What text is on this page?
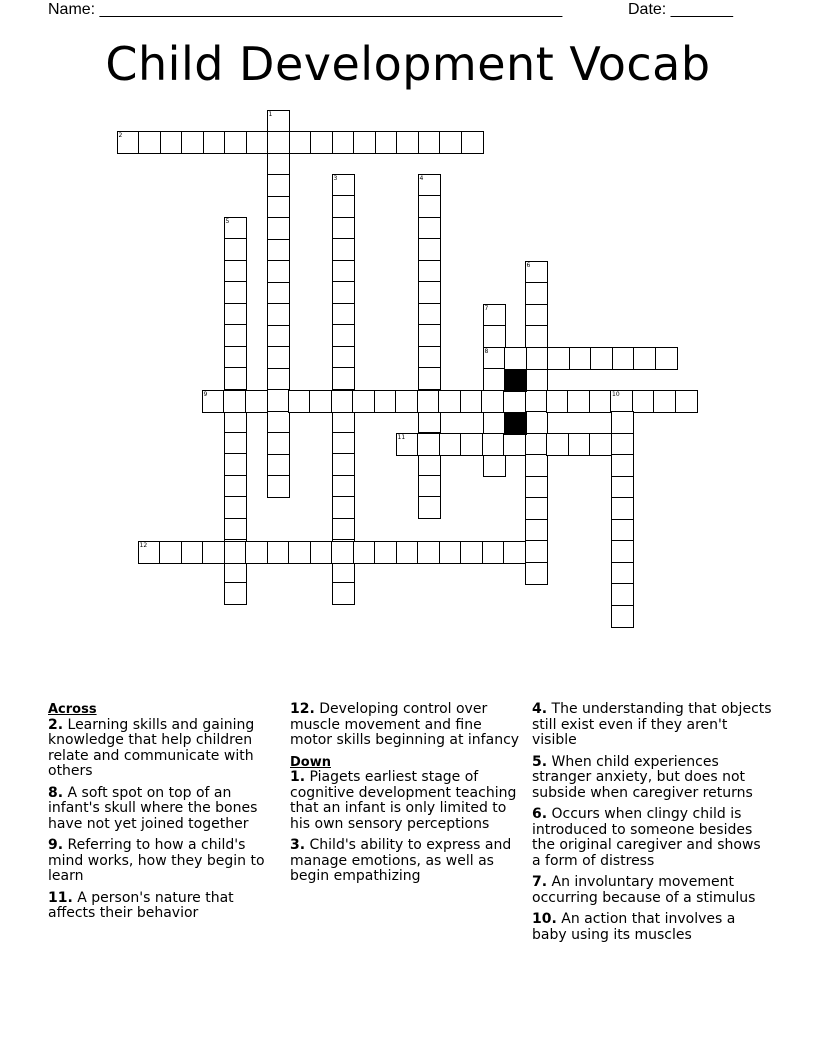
Name: ____________________________________________________	Date: _______
Child Development Vocab
1
2
3	4
5
6
7
8
9	10
11
12

Across

2. Learning skills and gaining knowledge that help children relate and communicate with others

8. A soft spot on top of an infant's skull where the bones have not yet joined together

9. Referring to how a child's mind works, how they begin to learn

11. A person's nature that affects their behavior

12. Developing control over muscle movement and fine motor skills beginning at infancy

Down

1. Piagets earliest stage of cognitive development teaching that an infant is only limited to his own sensory perceptions

3. Child's ability to express and manage emotions, as well as begin empathizing

4. The understanding that objects still exist even if they aren't visible

5. When child experiences stranger anxiety, but does not subside when caregiver returns

6. Occurs when clingy child is introduced to someone besides the original caregiver and shows a form of distress

7. An involuntary movement occurring because of a stimulus

10. An action that involves a baby using its muscles
